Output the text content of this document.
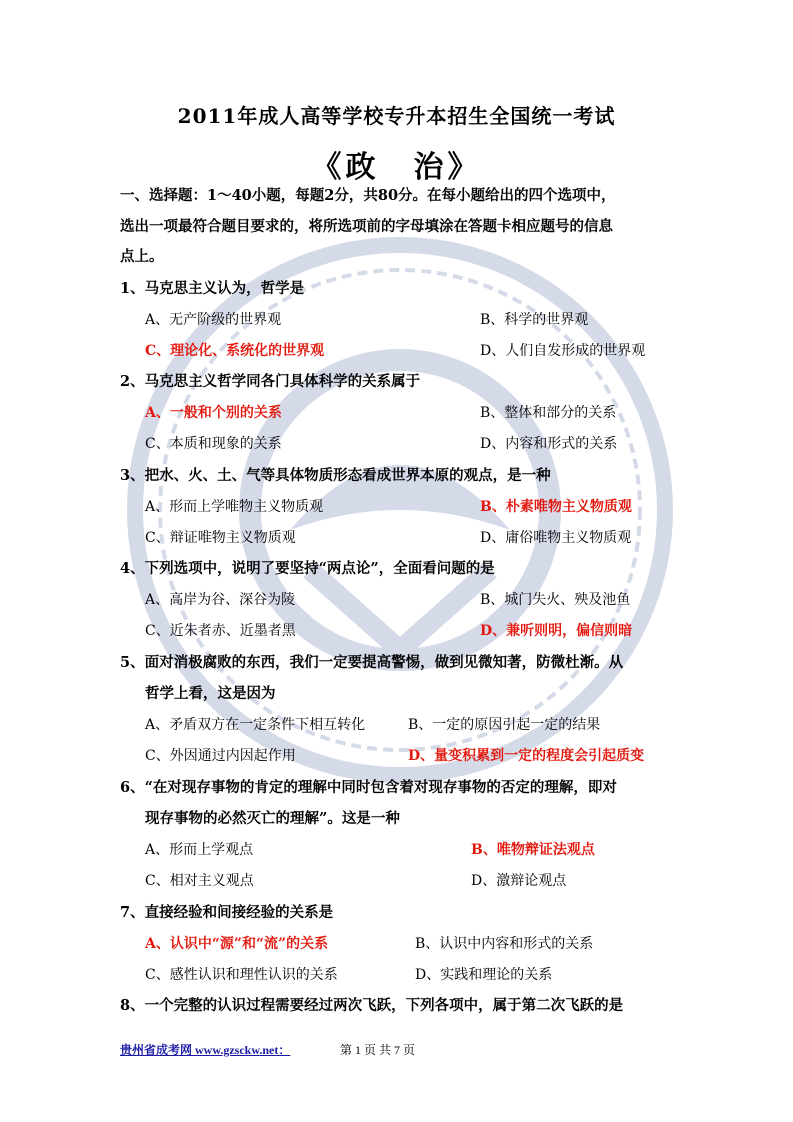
2011年成人高等学校专升本招生全国统一考试
《政　治》
一、选择题：1～40小题，每题2分，共80分。在每小题给出的四个选项中，
选出一项最符合题目要求的，将所选项前的字母填涂在答题卡相应题号的信息
点上。
1、马克思主义认为，哲学是
A、无产阶级的世界观	B、科学的世界观
C、理论化、系统化的世界观	D、人们自发形成的世界观
2、马克思主义哲学同各门具体科学的关系属于
A、一般和个别的关系	B、整体和部分的关系
C、本质和现象的关系	D、内容和形式的关系
3、把水、火、土、气等具体物质形态看成世界本原的观点，是一种
A、形而上学唯物主义物质观	B、朴素唯物主义物质观
C、辩证唯物主义物质观	D、庸俗唯物主义物质观
4、下列选项中，说明了要坚持“两点论”，全面看问题的是
A、高岸为谷、深谷为陵	B、城门失火、殃及池鱼
C、近朱者赤、近墨者黑	D、兼听则明，偏信则暗
5、面对消极腐败的东西，我们一定要提高警惕，做到见微知著，防微杜渐。从
哲学上看，这是因为
A、矛盾双方在一定条件下相互转化	B、一定的原因引起一定的结果
C、外因通过内因起作用	D、量变积累到一定的程度会引起质变
6、“在对现存事物的肯定的理解中同时包含着对现存事物的否定的理解，即对
现存事物的必然灭亡的理解”。这是一种
A、形而上学观点	B、唯物辩证法观点
C、相对主义观点	D、激辩论观点
7、直接经验和间接经验的关系是
A、认识中“源”和“流”的关系	B、认识中内容和形式的关系
C、感性认识和理性认识的关系	D、实践和理论的关系
8、一个完整的认识过程需要经过两次飞跃，下列各项中，属于第二次飞跃的是
贵州省成考网 www.gzsckw.net：	第 1 页 共 7 页
